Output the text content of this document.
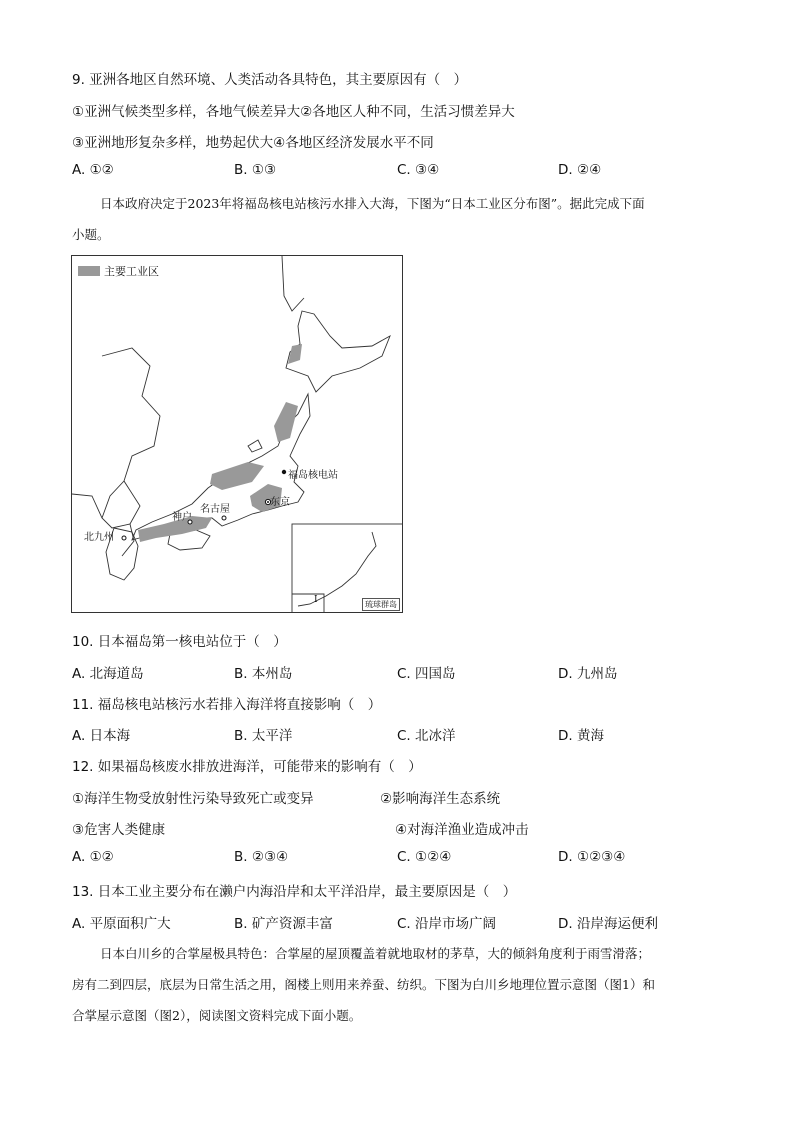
9. 亚洲各地区自然环境、人类活动各具特色，其主要原因有（　）
①亚洲气候类型多样，各地气候差异大②各地区人种不同，生活习惯差异大
③亚洲地形复杂多样，地势起伏大④各地区经济发展水平不同
A. ①②	B. ①③	C. ③④	D. ②④
日本政府决定于2023年将福岛核电站核污水排入大海，下图为“日本工业区分布图”。据此完成下面
小题。
主要工业区
福岛核电站
东京
名古屋
神户
北九州
I	琉球群岛
10. 日本福岛第一核电站位于（　）
A. 北海道岛	B. 本州岛	C. 四国岛	D. 九州岛
11. 福岛核电站核污水若排入海洋将直接影响（　）
A. 日本海	B. 太平洋	C. 北冰洋	D. 黄海
12. 如果福岛核废水排放进海洋，可能带来的影响有（　）
①海洋生物受放射性污染导致死亡或变异	②影响海洋生态系统
③危害人类健康	④对海洋渔业造成冲击
A. ①②	B. ②③④	C. ①②④	D. ①②③④
13. 日本工业主要分布在濑户内海沿岸和太平洋沿岸，最主要原因是（　）
A. 平原面积广大	B. 矿产资源丰富	C. 沿岸市场广阔	D. 沿岸海运便利
日本白川乡的合掌屋极具特色：合掌屋的屋顶覆盖着就地取材的茅草，大的倾斜角度利于雨雪滑落；
房有二到四层，底层为日常生活之用，阁楼上则用来养蚕、纺织。下图为白川乡地理位置示意图（图1）和
合掌屋示意图（图2），阅读图文资料完成下面小题。
